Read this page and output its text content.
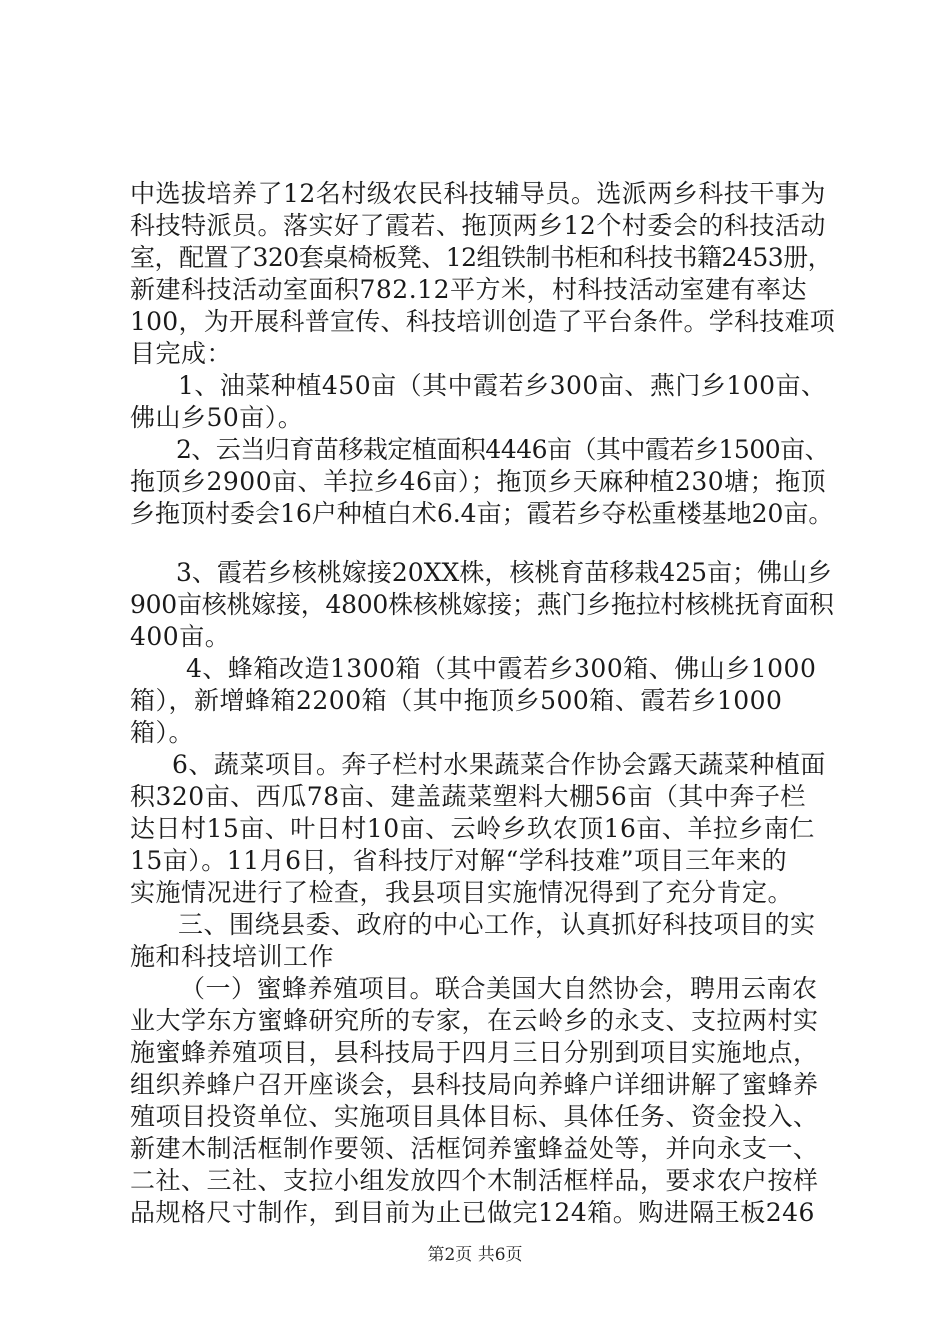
中选拔培养了12名村级农民科技辅导员。选派两乡科技干事为
科技特派员。落实好了霞若、拖顶两乡12个村委会的科技活动
室，配置了320套桌椅板凳、12组铁制书柜和科技书籍2453册，
新建科技活动室面积782.12平方米，村科技活动室建有率达
100，为开展科普宣传、科技培训创造了平台条件。学科技难项
目完成：
1、油菜种植450亩（其中霞若乡300亩、燕门乡100亩、
佛山乡50亩）。
2、云当归育苗移栽定植面积4446亩（其中霞若乡1500亩、
拖顶乡2900亩、羊拉乡46亩）；拖顶乡天麻种植230塘；拖顶
乡拖顶村委会16户种植白术6.4亩；霞若乡夺松重楼基地20亩。
3、霞若乡核桃嫁接20XX株，核桃育苗移栽425亩；佛山乡
900亩核桃嫁接，4800株核桃嫁接；燕门乡拖拉村核桃抚育面积
400亩。
4、蜂箱改造1300箱（其中霞若乡300箱、佛山乡1000
箱），新增蜂箱2200箱（其中拖顶乡500箱、霞若乡1000
箱）。
6、蔬菜项目。奔子栏村水果蔬菜合作协会露天蔬菜种植面
积320亩、西瓜78亩、建盖蔬菜塑料大棚56亩（其中奔子栏
达日村15亩、叶日村10亩、云岭乡玖农顶16亩、羊拉乡南仁
15亩）。11月6日，省科技厅对解“学科技难”项目三年来的
实施情况进行了检查，我县项目实施情况得到了充分肯定。
三、围绕县委、政府的中心工作，认真抓好科技项目的实
施和科技培训工作
（一）蜜蜂养殖项目。联合美国大自然协会，聘用云南农
业大学东方蜜蜂研究所的专家，在云岭乡的永支、支拉两村实
施蜜蜂养殖项目，县科技局于四月三日分别到项目实施地点，
组织养蜂户召开座谈会，县科技局向养蜂户详细讲解了蜜蜂养
殖项目投资单位、实施项目具体目标、具体任务、资金投入、
新建木制活框制作要领、活框饲养蜜蜂益处等，并向永支一、
二社、三社、支拉小组发放四个木制活框样品，要求农户按样
品规格尺寸制作，到目前为止已做完124箱。购进隔王板246
第2页 共6页
